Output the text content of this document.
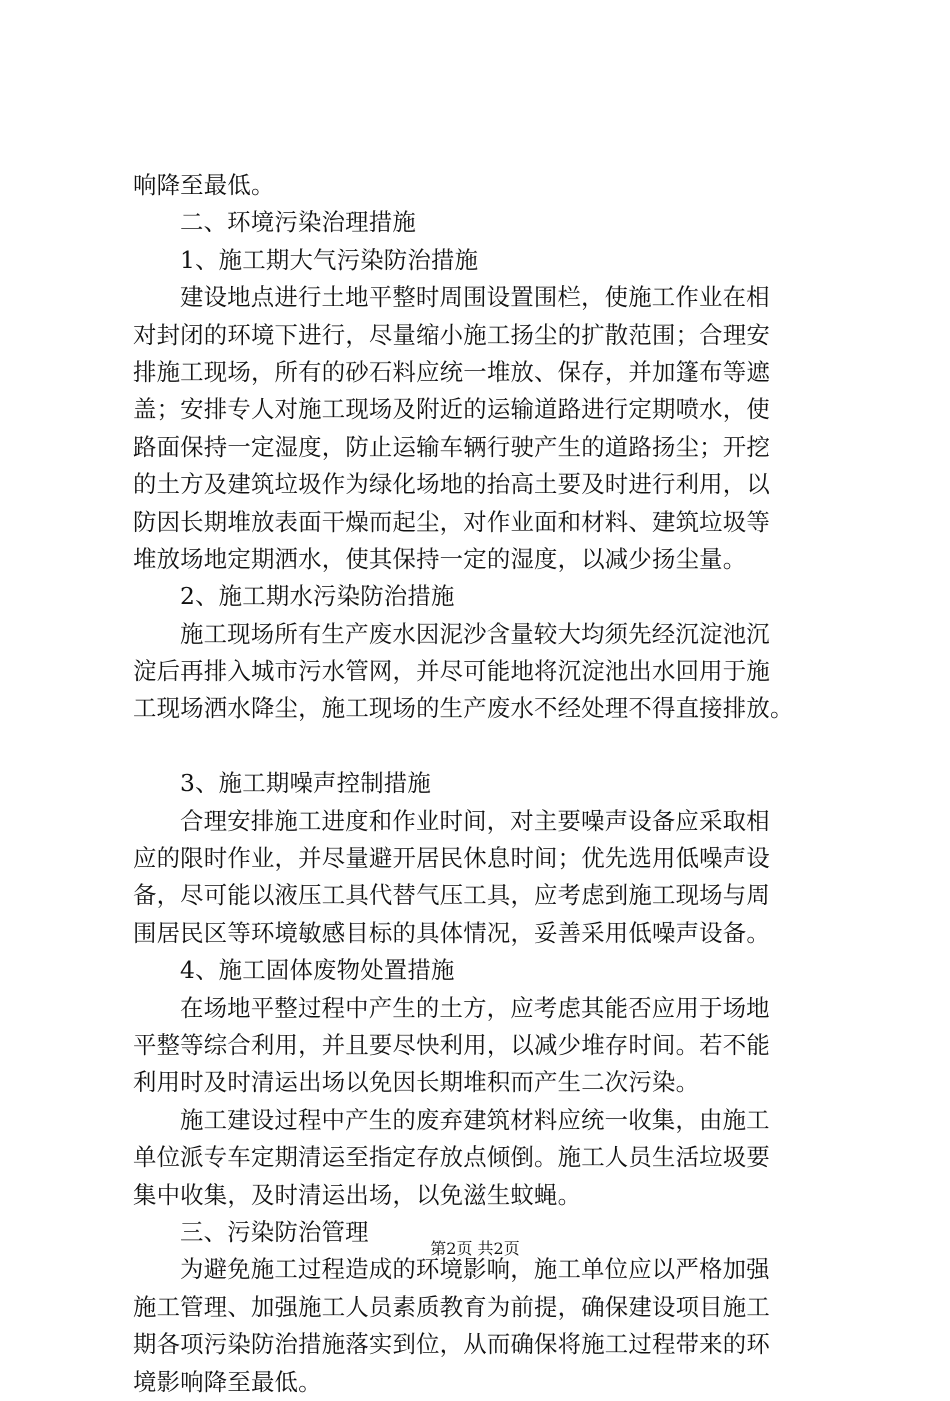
响降至最低。
二、环境污染治理措施
1、施工期大气污染防治措施
建设地点进行土地平整时周围设置围栏，使施工作业在相
对封闭的环境下进行，尽量缩小施工扬尘的扩散范围；合理安
排施工现场，所有的砂石料应统一堆放、保存，并加篷布等遮
盖；安排专人对施工现场及附近的运输道路进行定期喷水，使
路面保持一定湿度，防止运输车辆行驶产生的道路扬尘；开挖
的土方及建筑垃圾作为绿化场地的抬高土要及时进行利用，以
防因长期堆放表面干燥而起尘，对作业面和材料、建筑垃圾等
堆放场地定期洒水，使其保持一定的湿度，以减少扬尘量。
2、施工期水污染防治措施
施工现场所有生产废水因泥沙含量较大均须先经沉淀池沉
淀后再排入城市污水管网，并尽可能地将沉淀池出水回用于施
工现场洒水降尘，施工现场的生产废水不经处理不得直接排放。
3、施工期噪声控制措施
合理安排施工进度和作业时间，对主要噪声设备应采取相
应的限时作业，并尽量避开居民休息时间；优先选用低噪声设
备，尽可能以液压工具代替气压工具，应考虑到施工现场与周
围居民区等环境敏感目标的具体情况，妥善采用低噪声设备。
4、施工固体废物处置措施
在场地平整过程中产生的土方，应考虑其能否应用于场地
平整等综合利用，并且要尽快利用，以减少堆存时间。若不能
利用时及时清运出场以免因长期堆积而产生二次污染。
施工建设过程中产生的废弃建筑材料应统一收集，由施工
单位派专车定期清运至指定存放点倾倒。施工人员生活垃圾要
集中收集，及时清运出场，以免滋生蚊蝇。
三、污染防治管理
为避免施工过程造成的环境影响，施工单位应以严格加强
施工管理、加强施工人员素质教育为前提，确保建设项目施工
期各项污染防治措施落实到位，从而确保将施工过程带来的环
境影响降至最低。
第2页 共2页
